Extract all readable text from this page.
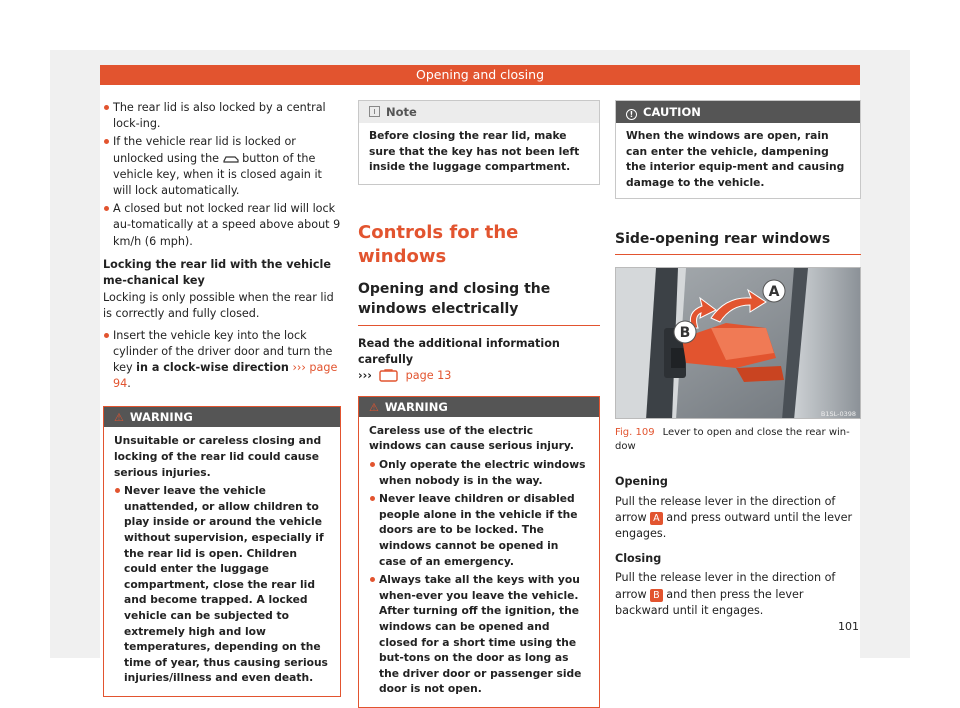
Opening and closing

The rear lid is also locked by a central lock-ing.

If the vehicle rear lid is locked or unlocked using the button of the vehicle key, when it is closed again it will lock automatically.

A closed but not locked rear lid will lock au-tomatically at a speed above about 9 km/h (6 mph).

Locking the rear lid with the vehicle me-chanical key

Locking is only possible when the rear lid is correctly and fully closed.

Insert the vehicle key into the lock cylinder of the driver door and turn the key in a clock-wise direction ››› page 94.

⚠ WARNING
Unsuitable or careless closing and locking of the rear lid could cause serious injuries.
Never leave the vehicle unattended, or allow children to play inside or around the vehicle without supervision, especially if the rear lid is open. Children could enter the luggage compartment, close the rear lid and become trapped. A locked vehicle can be subjected to extremely high and low temperatures, depending on the time of year, thus causing serious injuries/illness and even death.
Note
Before closing the rear lid, make sure that the key has not been left inside the luggage compartment.
Controls for the windows
Opening and closing the windows electrically

Read the additional information carefully
›››	page 13

⚠ WARNING
Careless use of the electric windows can cause serious injury.
Only operate the electric windows when nobody is in the way.
Never leave children or disabled people alone in the vehicle if the doors are to be locked. The windows cannot be opened in case of an emergency.
Always take all the keys with you when-ever you leave the vehicle. After turning off the ignition, the windows can be opened and closed for a short time using the but-tons on the door as long as the driver door or passenger side door is not open.
! CAUTION
When the windows are open, rain can enter the vehicle, dampening the interior equip-ment and causing damage to the vehicle.
Side-opening rear windows
A
B
B1SL-0398

Fig. 109 Lever to open and close the rear win-dow

Opening

Pull the release lever in the direction of arrow A and press outward until the lever engages.

Closing

Pull the release lever in the direction of arrow B and then press the lever backward until it engages.

101
